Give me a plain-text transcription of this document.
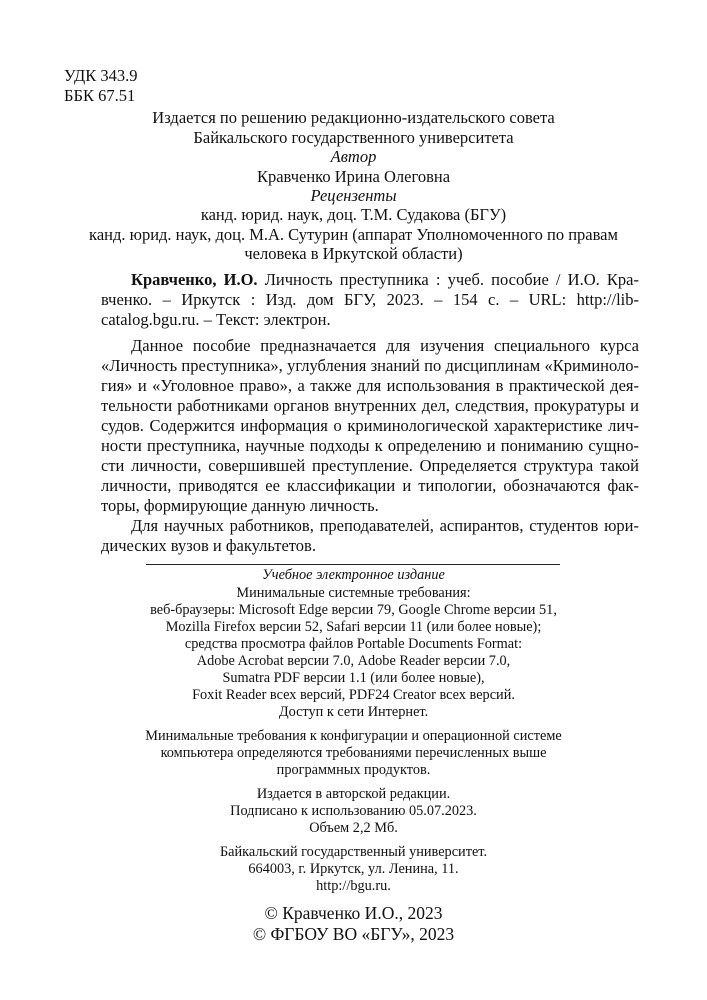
УДК 343.9
ББК 67.51
Издается по решению редакционно-издательского совета
Байкальского государственного университета
Автор
Кравченко Ирина Олеговна
Рецензенты
канд. юрид. наук, доц. Т.М. Судакова (БГУ)
канд. юрид. наук, доц. М.А. Сутурин (аппарат Уполномоченного по правам
человека в Иркутской области)
Кравченко, И.О. Личность преступника : учеб. пособие / И.О. Кра-
вченко. – Иркутск : Изд. дом БГУ, 2023. – 154 с. – URL: http://lib-
catalog.bgu.ru. – Текст: электрон.
Данное пособие предназначается для изучения специального курса
«Личность преступника», углубления знаний по дисциплинам «Криминоло-
гия» и «Уголовное право», а также для использования в практической дея-
тельности работниками органов внутренних дел, следствия, прокуратуры и
судов. Содержится информация о криминологической характеристике лич-
ности преступника, научные подходы к определению и пониманию сущно-
сти личности, совершившей преступление. Определяется структура такой
личности, приводятся ее классификации и типологии, обозначаются фак-
торы, формирующие данную личность.
Для научных работников, преподавателей, аспирантов, студентов юри-
дических вузов и факультетов.
Учебное электронное издание
Минимальные системные требования:
веб-браузеры: Microsoft Edge версии 79, Google Chrome версии 51,
Mozilla Firefox версии 52, Safari версии 11 (или более новые);
средства просмотра файлов Portable Documents Format:
Adobe Acrobat версии 7.0, Adobe Reader версии 7.0,
Sumatra PDF версии 1.1 (или более новые),
Foxit Reader всех версий, PDF24 Creator всех версий.
Доступ к сети Интернет.
Минимальные требования к конфигурации и операционной системе
компьютера определяются требованиями перечисленных выше
программных продуктов.
Издается в авторской редакции.
Подписано к использованию 05.07.2023.
Объем 2,2 Мб.
Байкальский государственный университет.
664003, г. Иркутск, ул. Ленина, 11.
http://bgu.ru.
© Кравченко И.О., 2023
© ФГБОУ ВО «БГУ», 2023
